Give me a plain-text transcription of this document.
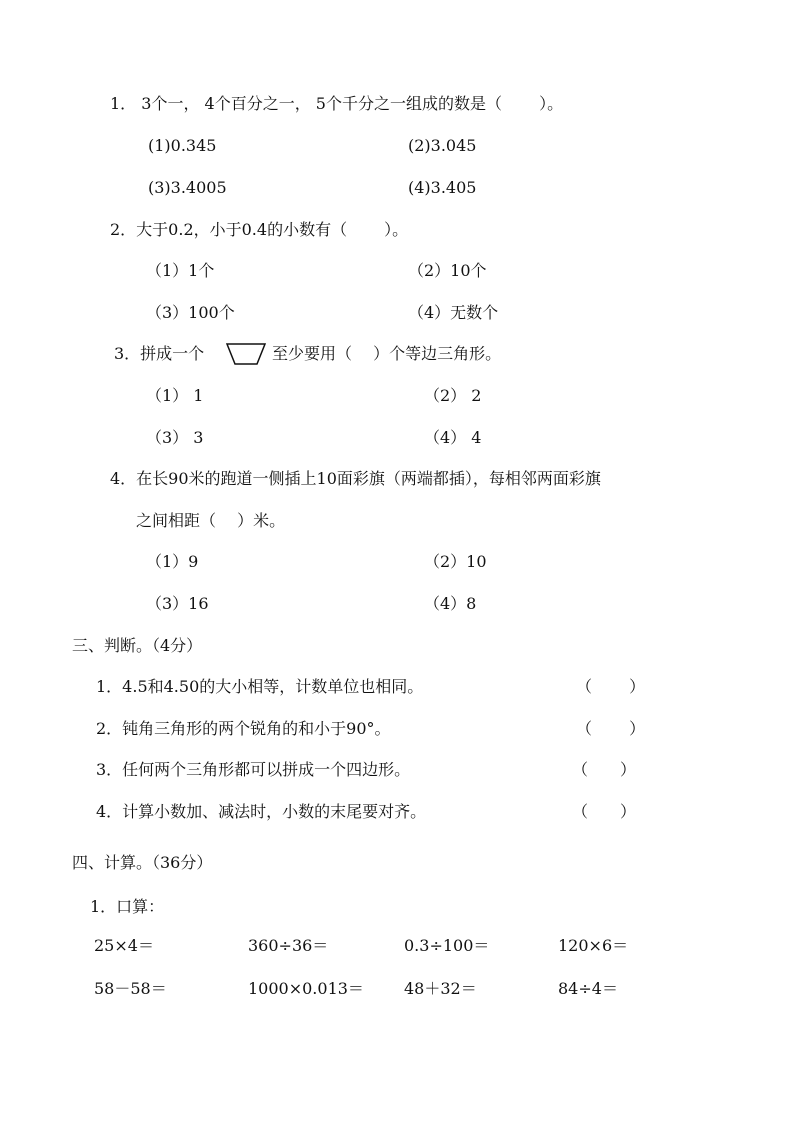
1． 3个一， 4个百分之一， 5个千分之一组成的数是（　　 ）。
(1)0.345	(2)3.045
(3)3.4005	(4)3.405
2．大于0.2，小于0.4的小数有（　　 ）。
（1）1个	（2）10个
（3）100个	（4）无数个
3．拼成一个	至少要用（　 ）个等边三角形。
（1） 1	（2） 2
（3） 3	（4） 4
4．在长90米的跑道一侧插上10面彩旗（两端都插），每相邻两面彩旗
之间相距（　 ）米。
（1）9	（2）10
（3）16	（4）8
三、判断。（4分）
1．4.5和4.50的大小相等，计数单位也相同。	（　　 ）
2．钝角三角形的两个锐角的和小于90°。	（　　 ）
3．任何两个三角形都可以拼成一个四边形。	（　　）
4．计算小数加、减法时，小数的末尾要对齐。	（　　）
四、计算。（36分）
1．口算：
25×4＝	360÷36＝	0.3÷100＝	120×6＝
58－58＝	1000×0.013＝	48＋32＝	84÷4＝
